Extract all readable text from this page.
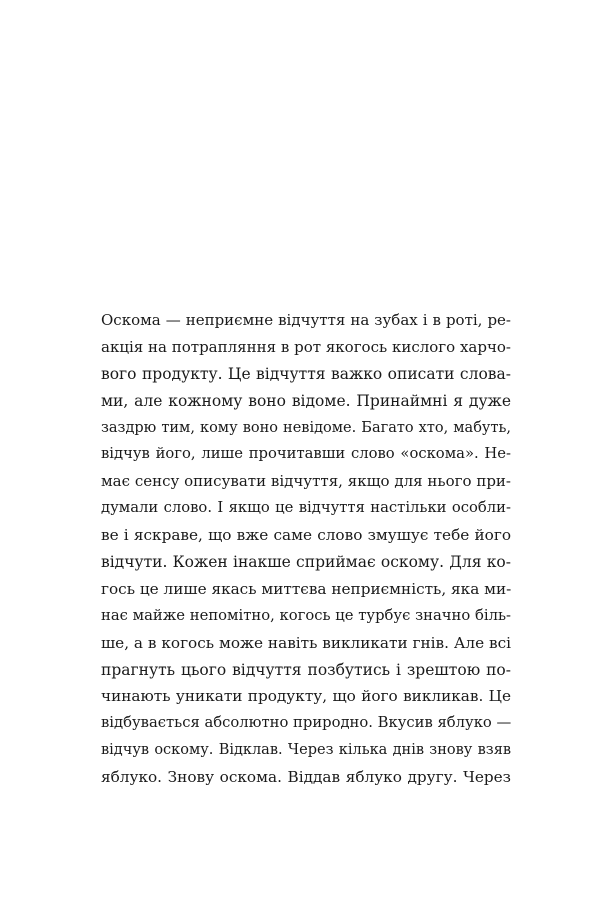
Оскома — неприємне відчуття на зубах і в роті, ре-
акція на потрапляння в рот якогось кислого харчо-
вого продукту. Це відчуття важко описати слова-
ми, але кожному воно відоме. Принаймні я дуже
заздрю тим, кому воно невідоме. Багато хто, мабуть,
відчув його, лише прочитавши слово «оскома». Не-
має сенсу описувати відчуття, якщо для нього при-
думали слово. І якщо це відчуття настільки особли-
ве і яскраве, що вже саме слово змушує тебе його
відчути. Кожен інакше сприймає оскому. Для ко-
гось це лише якась миттєва неприємність, яка ми-
нає майже непомітно, когось це турбує значно біль-
ше, а в когось може навіть викликати гнів. Але всі
прагнуть цього відчуття позбутись і зрештою по-
чинають уникати продукту, що його викликав. Це
відбувається абсолютно природно. Вкусив яблуко —
відчув оскому. Відклав. Через кілька днів знову взяв
яблуко. Знову оскома. Віддав яблуко другу. Через
